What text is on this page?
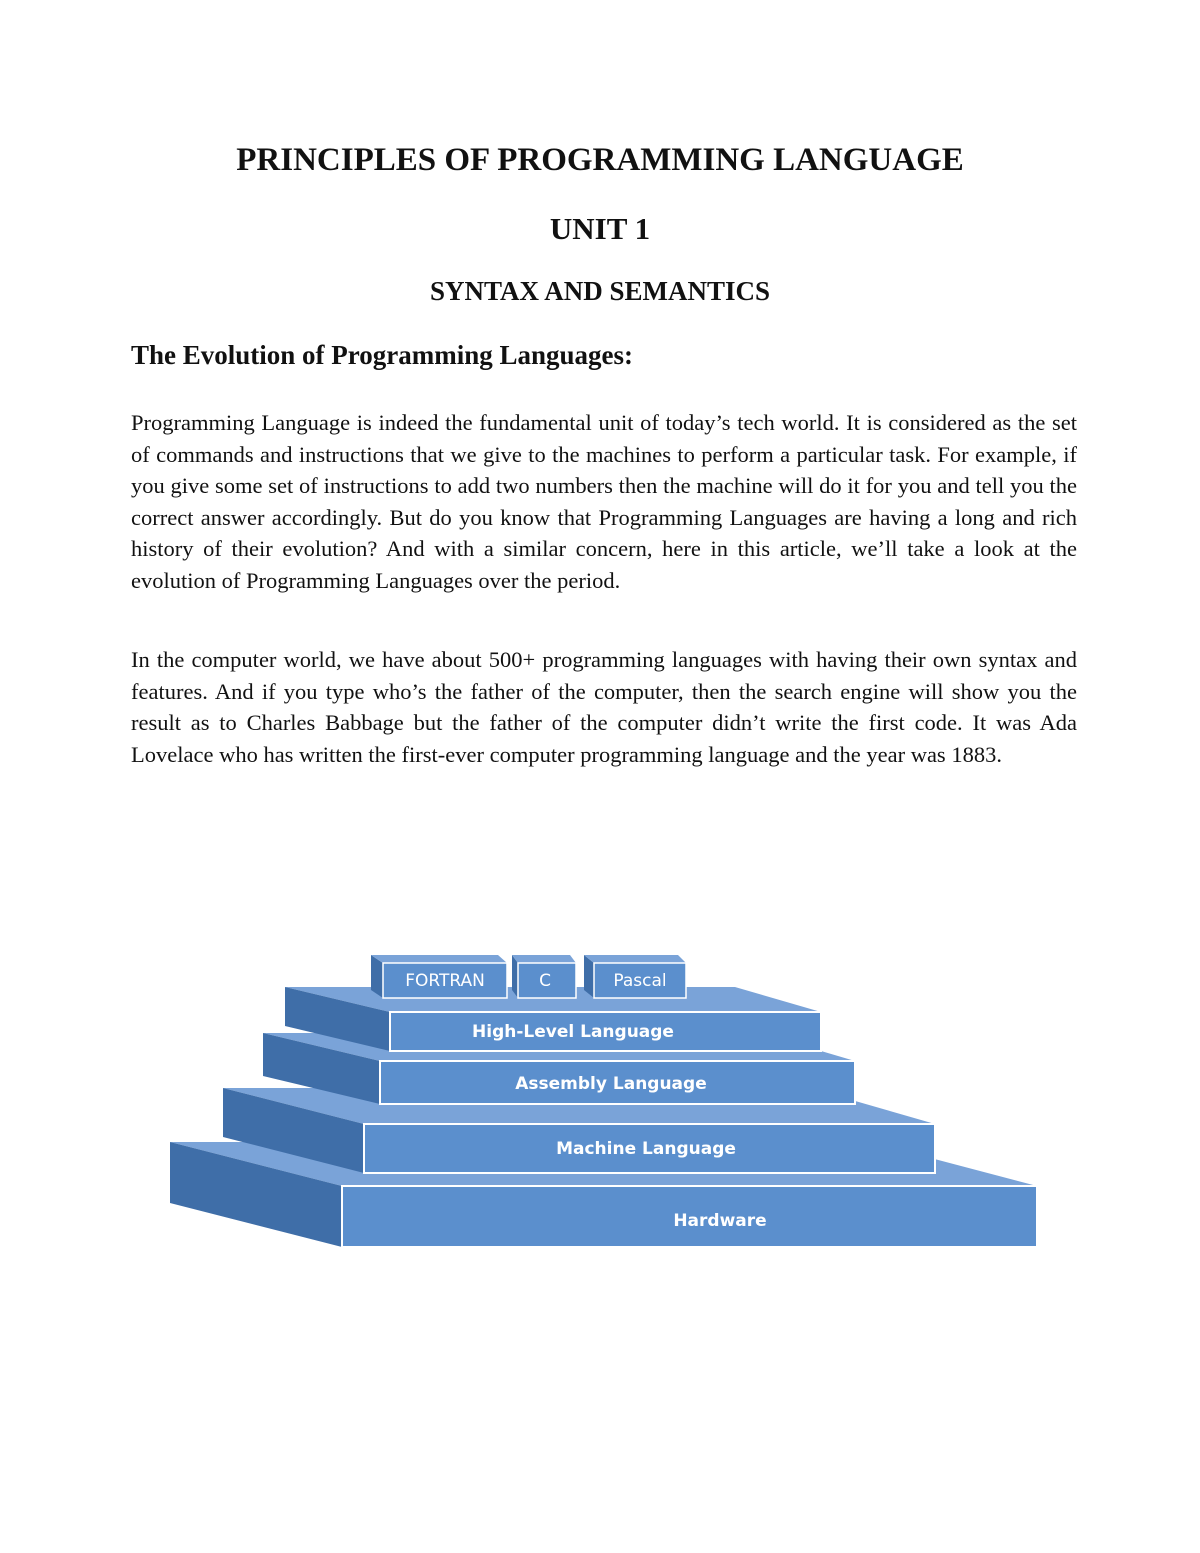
PRINCIPLES OF PROGRAMMING LANGUAGE
UNIT 1
SYNTAX AND SEMANTICS
The Evolution of Programming Languages:

Programming Language is indeed the fundamental unit of today’s tech world. It is considered as the set of commands and instructions that we give to the machines to perform a particular task. For example, if you give some set of instructions to add two numbers then the machine will do it for you and tell you the correct answer accordingly. But do you know that Programming Languages are having a long and rich history of their evolution? And with a similar concern, here in this article, we’ll take a look at the evolution of Programming Languages over the period.

In the computer world, we have about 500+ programming languages with having their own syntax and features. And if you type who’s the father of the computer, then the search engine will show you the result as to Charles Babbage but the father of the computer didn’t write the first code. It was Ada Lovelace who has written the first-ever computer programming language and the year was 1883.

Hardware
Machine Language
Assembly Language
High-Level Language
FORTRAN	C	Pascal
